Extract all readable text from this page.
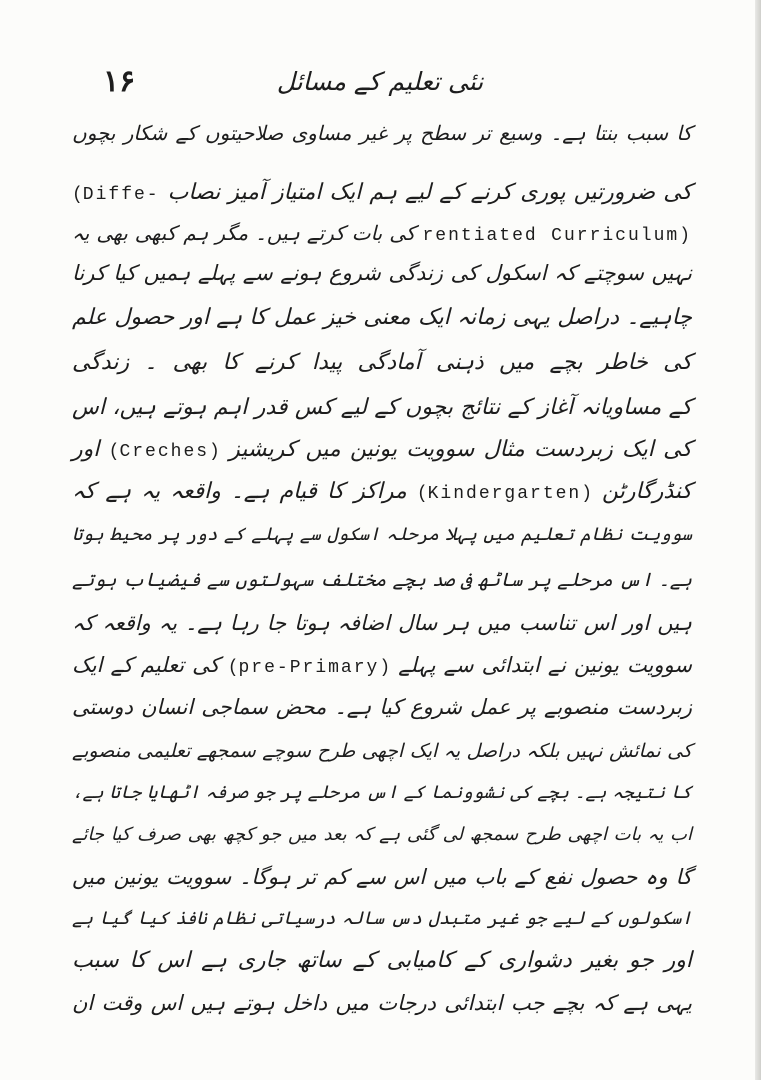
۱۶	نئی تعلیم کے مسائل

کا سبب بنتا ہے۔ وسیع تر سطح پر غیر مساوی صلاحیتوں کے شکار بچوں

کی ضرورتیں پوری کرنے کے لیے ہم ایک امتیاز آمیز نصاب (Diffe-

rentiated Curriculum) کی بات کرتے ہیں۔ مگر ہم کبھی بھی یہ

نہیں سوچتے کہ اسکول کی زندگی شروع ہونے سے پہلے ہمیں کیا کرنا

چاہیے۔ دراصل یہی زمانہ ایک معنی خیز عمل کا ہے اور حصول علم

کی خاطر بچے میں ذہنی آمادگی پیدا کرنے کا بھی ۔ زندگی

کے مساویانہ آغاز کے نتائج بچوں کے لیے کس قدر اہم ہوتے ہیں، اس

کی ایک زبردست مثال سوویت یونین میں کریشیز (Creches) اور

کنڈرگارٹن (Kindergarten) مراکز کا قیام ہے۔ واقعہ یہ ہے کہ

سوویت نظام تعلیم میں پہلا مرحلہ اسکول سے پہلے کے دور پر محیط ہوتا

ہے۔ اس مرحلے پر ساٹھ فی صد بچے مختلف سہولتوں سے فیضیاب ہوتے

ہیں اور اس تناسب میں ہر سال اضافہ ہوتا جا رہا ہے۔ یہ واقعہ کہ

سوویت یونین نے ابتدائی سے پہلے (pre-Primary) کی تعلیم کے ایک

زبردست منصوبے پر عمل شروع کیا ہے۔ محض سماجی انسان دوستی

کی نمائش نہیں بلکہ دراصل یہ ایک اچھی طرح سوچے سمجھے تعلیمی منصوبے

کا نتیجہ ہے۔ بچے کی نشوونما کے اس مرحلے پر جو صرفہ اٹھایا جاتا ہے،

اب یہ بات اچھی طرح سمجھ لی گئی ہے کہ بعد میں جو کچھ بھی صرف کیا جائے

گا وہ حصول نفع کے باب میں اس سے کم تر ہوگا۔ سوویت یونین میں

اسکولوں کے لیے جو غیر متبدل دس سالہ درسیاتی نظام نافذ کیا گیا ہے

اور جو بغیر دشواری کے کامیابی کے ساتھ جاری ہے اس کا سبب

یہی ہے کہ بچے جب ابتدائی درجات میں داخل ہوتے ہیں اس وقت ان
